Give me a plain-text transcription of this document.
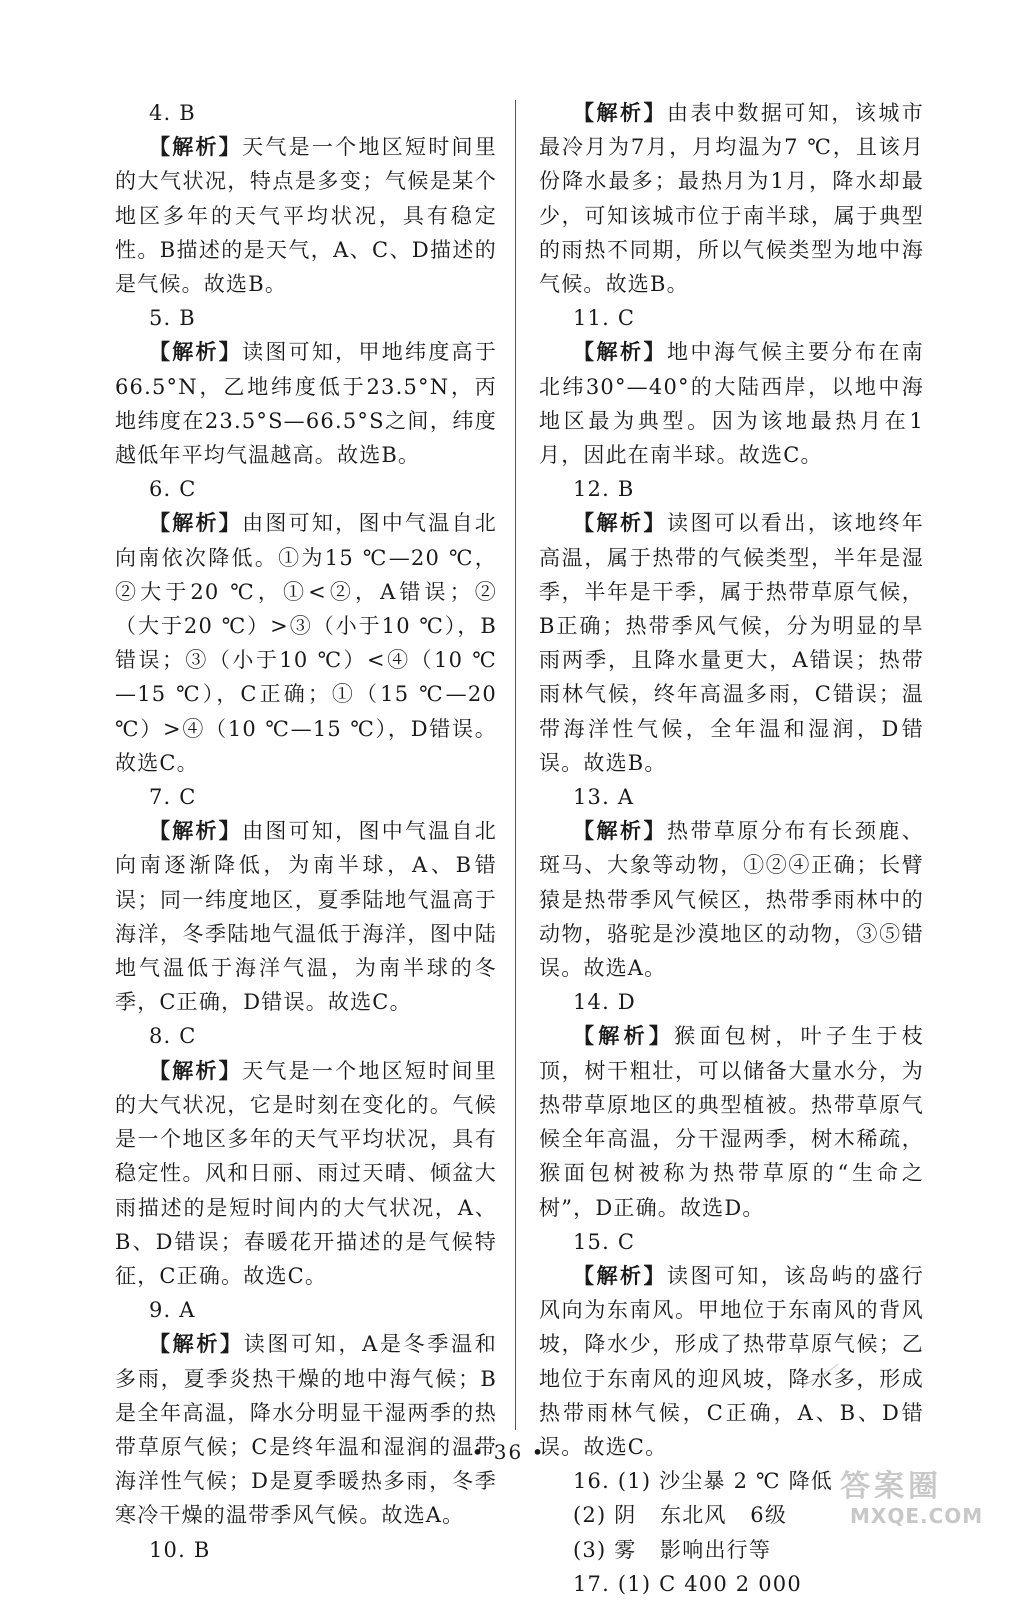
4. B
【解析】天气是一个地区短时间里的大气状况，特点是多变；气候是某个地区多年的天气平均状况，具有稳定性。B描述的是天气，A、C、D描述的是气候。故选B。
5. B
【解析】读图可知，甲地纬度高于66.5°N，乙地纬度低于23.5°N，丙地纬度在23.5°S—66.5°S之间，纬度越低年平均气温越高。故选B。
6. C
【解析】由图可知，图中气温自北向南依次降低。①为15 ℃—20 ℃，②大于20 ℃，①<②，A错误；②（大于20 ℃）>③（小于10 ℃），B错误；③（小于10 ℃）<④（10 ℃—15 ℃），C正确；①（15 ℃—20 ℃）>④（10 ℃—15 ℃），D错误。故选C。
7. C
【解析】由图可知，图中气温自北向南逐渐降低，为南半球，A、B错误；同一纬度地区，夏季陆地气温高于海洋，冬季陆地气温低于海洋，图中陆地气温低于海洋气温，为南半球的冬季，C正确，D错误。故选C。
8. C
【解析】天气是一个地区短时间里的大气状况，它是时刻在变化的。气候是一个地区多年的天气平均状况，具有稳定性。风和日丽、雨过天晴、倾盆大雨描述的是短时间内的大气状况，A、B、D错误；春暖花开描述的是气候特征，C正确。故选C。
9. A
【解析】读图可知，A是冬季温和多雨，夏季炎热干燥的地中海气候；B是全年高温，降水分明显干湿两季的热带草原气候；C是终年温和湿润的温带海洋性气候；D是夏季暖热多雨，冬季寒冷干燥的温带季风气候。故选A。
10. B
【解析】由表中数据可知，该城市最冷月为7月，月均温为7 ℃，且该月份降水最多；最热月为1月，降水却最少，可知该城市位于南半球，属于典型的雨热不同期，所以气候类型为地中海气候。故选B。
11. C
【解析】地中海气候主要分布在南北纬30°—40°的大陆西岸，以地中海地区最为典型。因为该地最热月在1月，因此在南半球。故选C。
12. B
【解析】读图可以看出，该地终年高温，属于热带的气候类型，半年是湿季，半年是干季，属于热带草原气候，B正确；热带季风气候，分为明显的旱雨两季，且降水量更大，A错误；热带雨林气候，终年高温多雨，C错误；温带海洋性气候，全年温和湿润，D错误。故选B。
13. A
【解析】热带草原分布有长颈鹿、斑马、大象等动物，①②④正确；长臂猿是热带季风气候区，热带季雨林中的动物，骆驼是沙漠地区的动物，③⑤错误。故选A。
14. D
【解析】猴面包树，叶子生于枝顶，树干粗壮，可以储备大量水分，为热带草原地区的典型植被。热带草原气候全年高温，分干湿两季，树木稀疏，猴面包树被称为热带草原的“生命之树”，D正确。故选D。
15. C
【解析】读图可知，该岛屿的盛行风向为东南风。甲地位于东南风的背风坡，降水少，形成了热带草原气候；乙地位于东南风的迎风坡，降水多，形成热带雨林气候，C正确，A、B、D错误。故选C。
16. (1) 沙尘暴 2 ℃ 降低
(2) 阴   东北风   6级
(3) 雾   影响出行等
17. (1) C 400 2 000
• 36 •
答案圈
MXQE.COM
